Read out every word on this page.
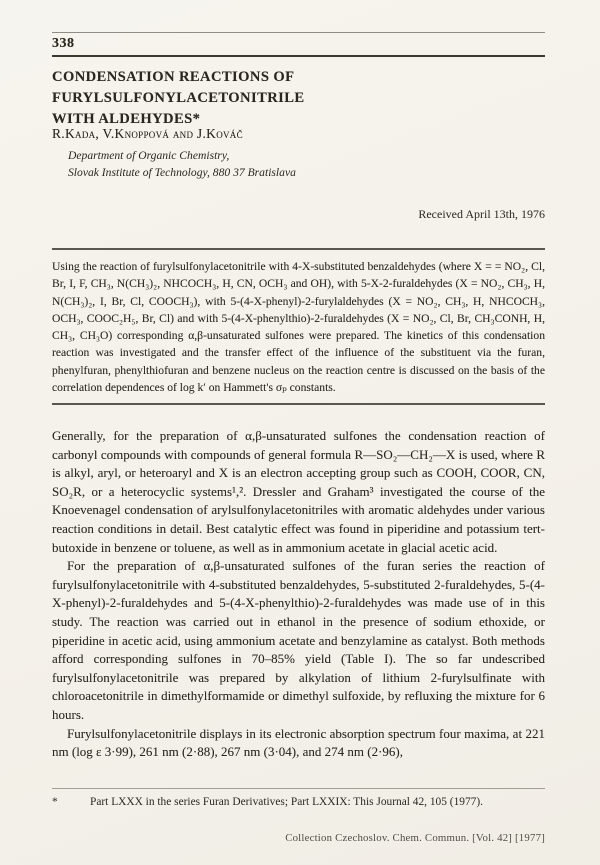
338
CONDENSATION REACTIONS OF FURYLSULFONYLACETONITRILE
WITH ALDEHYDES*
R.Kada, V.Knoppová and J.Kováč
Department of Organic Chemistry,
Slovak Institute of Technology, 880 37 Bratislava
Received April 13th, 1976
Using the reaction of furylsulfonylacetonitrile with 4-X-substituted benzaldehydes (where X = = NO₂, Cl, Br, I, F, CH₃, N(CH₃)₂, NHCOCH₃, H, CN, OCH₃ and OH), with 5-X-2-furaldehydes (X = NO₂, CH₃, H, N(CH₃)₂, I, Br, Cl, COOCH₃), with 5-(4-X-phenyl)-2-furylaldehydes (X = NO₂, CH₃, H, NHCOCH₃, OCH₃, COOC₂H₅, Br, Cl) and with 5-(4-X-phenylthio)-2-furaldehydes (X = NO₂, Cl, Br, CH₃CONH, H, CH₃, CH₃O) corresponding α,β-unsaturated sulfones were prepared. The kinetics of this condensation reaction was investigated and the transfer effect of the influence of the substituent via the furan, phenylfuran, phenylthiofuran and benzene nucleus on the reaction centre is discussed on the basis of the correlation dependences of log k′ on Hammett's σₚ constants.

Generally, for the preparation of α,β-unsaturated sulfones the condensation reaction of carbonyl compounds with compounds of general formula R—SO₂—CH₂—X is used, where R is alkyl, aryl, or heteroaryl and X is an electron accepting group such as COOH, COOR, CN, SO₂R, or a heterocyclic systems¹,². Dressler and Graham³ investigated the course of the Knoevenagel condensation of arylsulfonylacetonitriles with aromatic aldehydes under various reaction conditions in detail. Best catalytic effect was found in piperidine and potassium tert-butoxide in benzene or toluene, as well as in ammonium acetate in glacial acetic acid.

For the preparation of α,β-unsaturated sulfones of the furan series the reaction of furylsulfonylacetonitrile with 4-substituted benzaldehydes, 5-substituted 2-furaldehydes, 5-(4-X-phenyl)-2-furaldehydes and 5-(4-X-phenylthio)-2-furaldehydes was made use of in this study. The reaction was carried out in ethanol in the presence of sodium ethoxide, or piperidine in acetic acid, using ammonium acetate and benzylamine as catalyst. Both methods afford corresponding sulfones in 70–85% yield (Table I). The so far undescribed furylsulfonylacetonitrile was prepared by alkylation of lithium 2-furylsulfinate with chloroacetonitrile in dimethylformamide or dimethyl sulfoxide, by refluxing the mixture for 6 hours.

Furylsulfonylacetonitrile displays in its electronic absorption spectrum four maxima, at 221 nm (log ε 3·99), 261 nm (2·88), 267 nm (3·04), and 274 nm (2·96),

*	Part LXXX in the series Furan Derivatives; Part LXXIX: This Journal 42, 105 (1977).
Collection Czechoslov. Chem. Commun. [Vol. 42] [1977]
